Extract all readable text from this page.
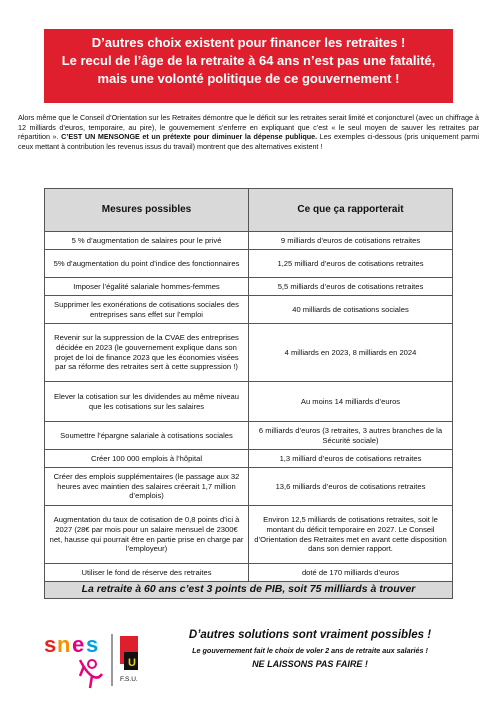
D’autres choix existent pour financer les retraites !
Le recul de l’âge de la retraite à 64 ans n’est pas une fatalité,
mais une volonté politique de ce gouvernement !
Alors même que le Conseil d’Orientation sur les Retraites démontre que le déficit sur les retraites serait limité et conjoncturel (avec un chiffrage à 12 milliards d’euros, temporaire, au pire), le gouvernement s’enferre en expliquant que c’est « le seul moyen de sauver les retraites par répartition ». C’EST UN MENSONGE et un prétexte pour diminuer la dépense publique. Les exemples ci-dessous (pris uniquement parmi ceux mettant à contribution les revenus issus du travail) montrent que des alternatives existent !
Mesures possibles	Ce que ça rapporterait
5 % d’augmentation de salaires pour le privé	9 milliards d’euros de cotisations retraites
5% d’augmentation du point d’indice des fonctionnaires	1,25 milliard d’euros de cotisations retraites
Imposer l’égalité salariale hommes-femmes	5,5 milliards d’euros de cotisations retraites
Supprimer les exonérations de cotisations sociales des entreprises sans effet sur l’emploi	40 milliards de cotisations sociales
Revenir sur la suppression de la CVAE des entreprises décidée en 2023 (le gouvernement explique dans son projet de loi de finance 2023 que les économies visées par sa réforme des retraites sert à cette suppression !)	4 milliards en 2023, 8 milliards en 2024
Elever la cotisation sur les dividendes au même niveau que les cotisations sur les salaires	Au moins 14 milliards d’euros
Soumettre l’épargne salariale à cotisations sociales	6 milliards d’euros (3 retraites, 3 autres branches de la Sécurité sociale)
Créer 100 000 emplois à l’hôpital	1,3 milliard d’euros de cotisations retraites
Créer des emplois supplémentaires (le passage aux 32 heures avec maintien des salaires créerait 1,7 million d’emplois)	13,6 milliards d’euros de cotisations retraites
Augmentation du taux de cotisation de 0,8 points d’ici à 2027 (28€ par mois pour un salaire mensuel de 2300€ net, hausse qui pourrait être en partie prise en charge par l’employeur)	Environ 12,5 milliards de cotisations retraites, soit le montant du déficit temporaire en 2027. Le Conseil d’Orientation des Retraites met en avant cette disposition dans son dernier rapport.
Utiliser le fond de réserve des retraites	doté de 170 milliards d’euros
La retraite à 60 ans c’est 3 points de PIB, soit 75 milliards à trouver	
s n e s
U
F.S.U.
D’autres solutions sont vraiment possibles !
Le gouvernement fait le choix de voler 2 ans de retraite aux salariés !
NE LAISSONS PAS FAIRE !
